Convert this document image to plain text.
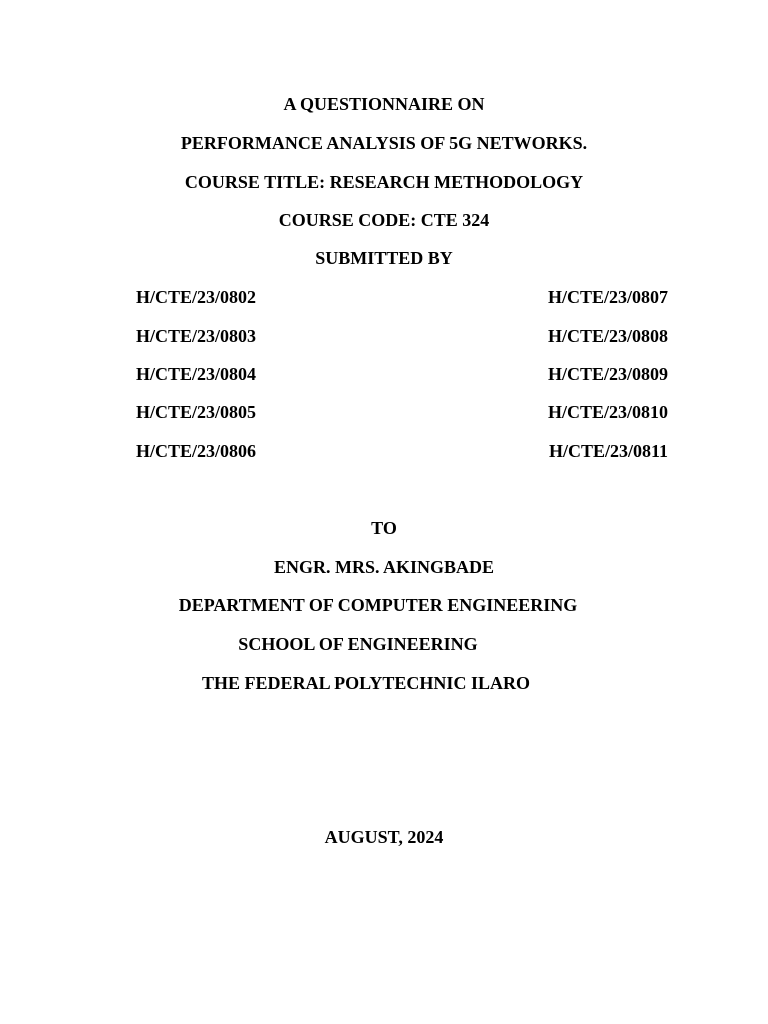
A QUESTIONNAIRE ON
PERFORMANCE ANALYSIS OF 5G NETWORKS.
COURSE TITLE: RESEARCH METHODOLOGY
COURSE CODE: CTE 324
SUBMITTED BY
H/CTE/23/0802
H/CTE/23/0803
H/CTE/23/0804
H/CTE/23/0805
H/CTE/23/0806
H/CTE/23/0807
H/CTE/23/0808
H/CTE/23/0809
H/CTE/23/0810
H/CTE/23/0811
TO
ENGR. MRS. AKINGBADE
DEPARTMENT OF COMPUTER ENGINEERING
SCHOOL OF ENGINEERING
THE FEDERAL POLYTECHNIC ILARO
AUGUST, 2024
